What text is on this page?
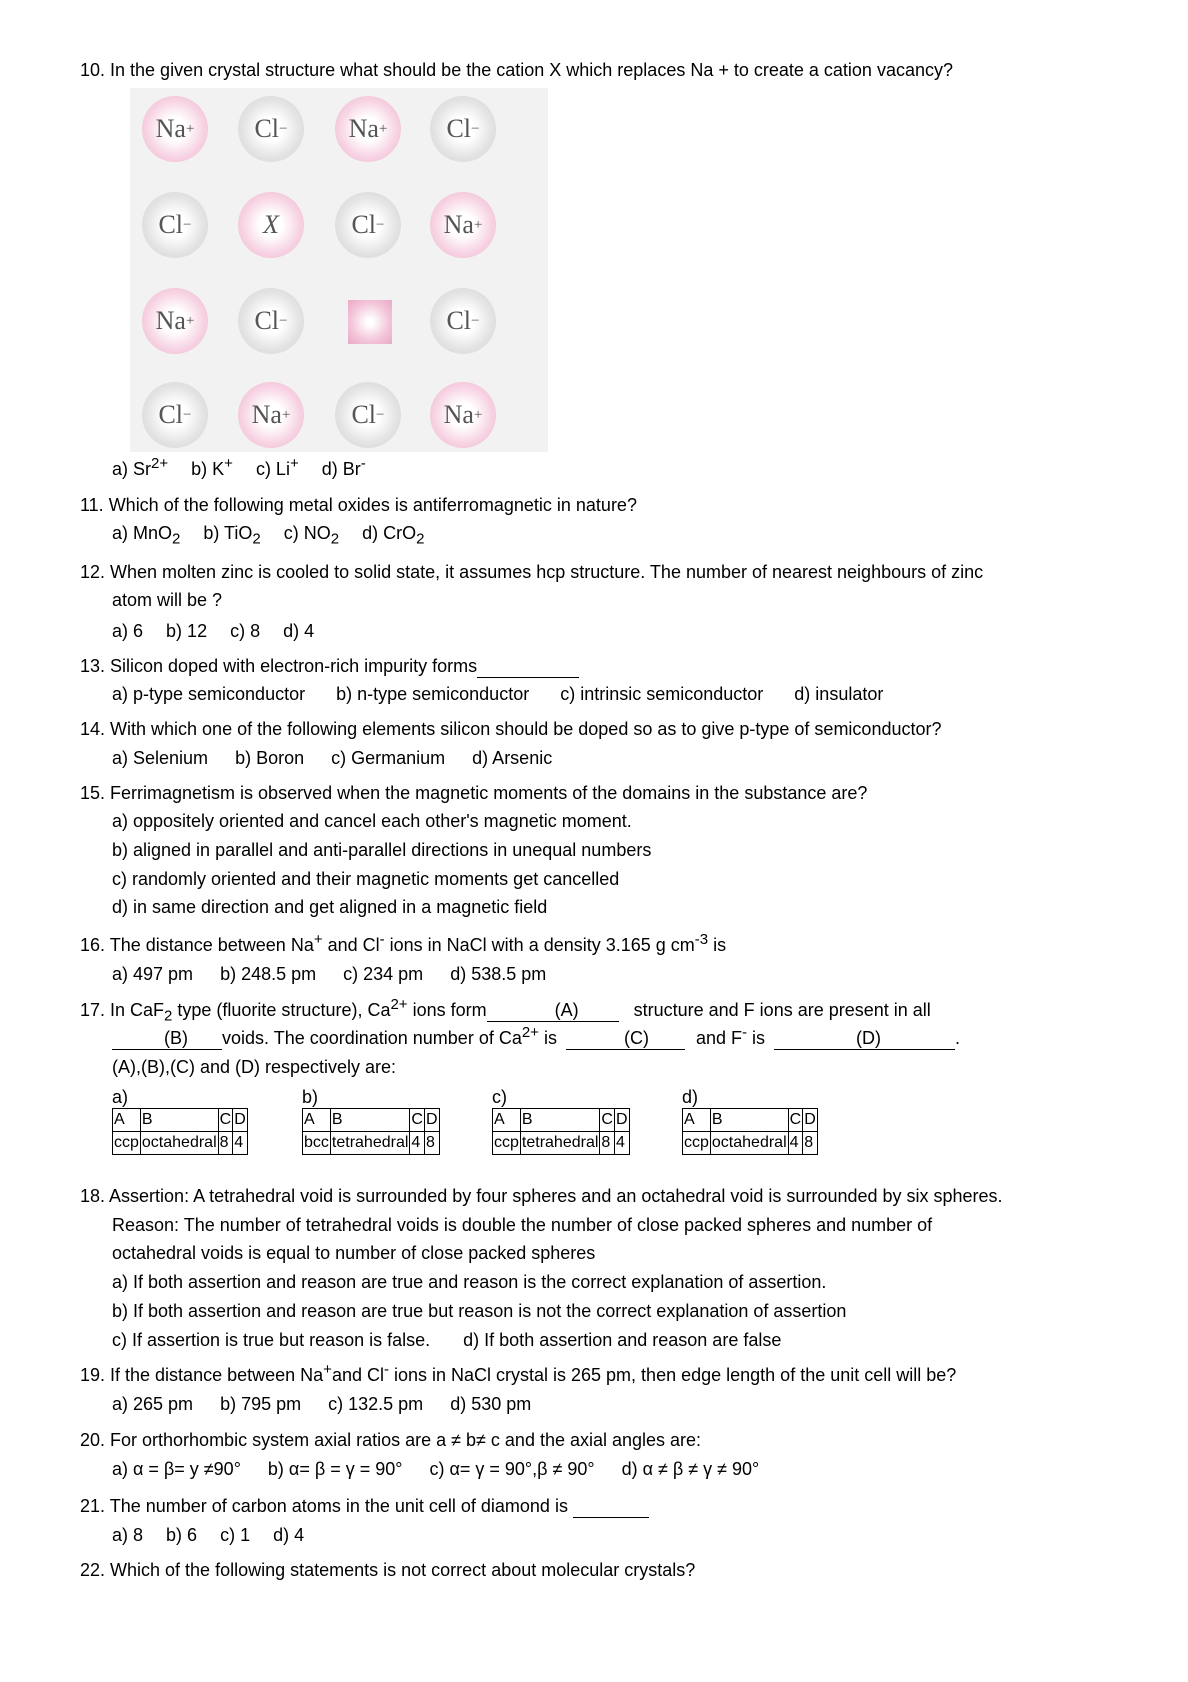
10. In the given crystal structure what should be the cation X which replaces Na + to create a cation vacancy?
Na + Cl − Na + Cl −
Cl −	X	Cl − Na +
Na + Cl −	Cl −
Cl − Na + Cl − Na +
a) $Sr^{2+}$ b) K+ c) Li+ d) Br-
11. Which of the following metal oxides is antiferromagnetic in nature?
a) MnO$_2$ b) TiO$_2$ c) $NO_2$ d) CrO$_2$
12. When molten zinc is cooled to solid state, it assumes hcp structure. The number of nearest neighbours of zinc
atom will be ?
a) 6 b) 12 c) 8 d) 4
13. Silicon doped with electron-rich impurity forms
a) p-type semiconductor b) n-type semiconductor c) intrinsic semiconductor d) insulator
14. With which one of the following elements silicon should be doped so as to give p-type of semiconductor?
a) Selenium b) Boron c) Germanium d) Arsenic
15. Ferrimagnetism is observed when the magnetic moments of the domains in the substance are?
a) oppositely oriented and cancel each other's magnetic moment.
b) aligned in parallel and anti-parallel directions in unequal numbers
c) randomly oriented and their magnetic moments get cancelled
d) in same direction and get aligned in a magnetic field
16. The distance between Na+ and Cl- ions in NaCl with a density 3.165 g $cm^{-3}$ is
a) 497 pm b) 248.5 pm c) 234 pm d) 538.5 pm
17. In CaF$_2$ type (fluorite structure), $Ca^{2+}$ ions form	(A)	structure and F ions are present in all
(B) voids. The coordination number of $Ca^{2+}$ is	(C)	and F- is	(D)	.
(A),(B),(C) and (D) respectively are:
a)	b)	c)	d)
A	B	C	D
ccp	octahedral	8	4
A	B	C	D
bcc	tetrahedral	4	8
A	B	C	D
ccp	tetrahedral	8	4
A	B	C	D
ccp	octahedral	4	8
18. Assertion: A tetrahedral void is surrounded by four spheres and an octahedral void is surrounded by six spheres.
Reason: The number of tetrahedral voids is double the number of close packed spheres and number of
octahedral voids is equal to number of close packed spheres
a) If both assertion and reason are true and reason is the correct explanation of assertion.
b) If both assertion and reason are true but reason is not the correct explanation of assertion
c) If assertion is true but reason is false. d) If both assertion and reason are false
19. If the distance between Na+and Cl- ions in NaCl crystal is 265 pm, then edge length of the unit cell will be?
a) 265 pm b) 795 pm c) 132.5 pm d) 530 pm
20. For orthorhombic system axial ratios are a ≠ b≠ c and the axial angles are:
a) α = β= y ≠90° b) α= β = γ = 90° c) α= γ = 90°,β ≠ 90° d) α ≠ β ≠ γ ≠ 90°
21. The number of carbon atoms in the unit cell of diamond is
a) 8 b) 6 c) 1 d) 4
22. Which of the following statements is not correct about molecular crystals?
